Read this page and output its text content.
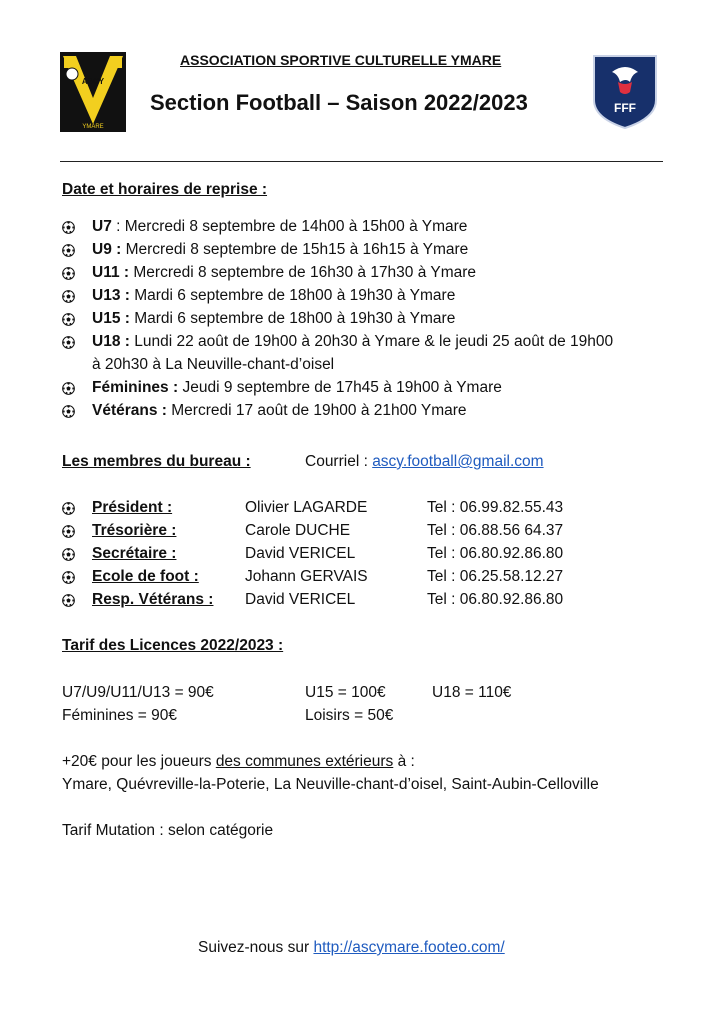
ASCY
YMARE
ASSOCIATION SPORTIVE CULTURELLE YMARE
Section Football – Saison 2022/2023	FFF
Date et horaires de reprise :
U7 : Mercredi 8 septembre de 14h00 à 15h00 à Ymare
U9 : Mercredi 8 septembre de 15h15 à 16h15 à Ymare
U11 : Mercredi 8 septembre de 16h30 à 17h30 à Ymare
U13 : Mardi 6 septembre de 18h00 à 19h30 à Ymare
U15 : Mardi 6 septembre de 18h00 à 19h30 à Ymare
U18 : Lundi 22 août de 19h00 à 20h30 à Ymare & le jeudi 25 août de 19h00
à 20h30 à La Neuville-chant-d’oisel
Féminines : Jeudi 9 septembre de 17h45 à 19h00 à Ymare
Vétérans : Mercredi 17 août de 19h00 à 21h00 Ymare
Les membres du bureau :	Courriel : ascy.football@gmail.com
Président :	Olivier LAGARDE	Tel : 06.99.82.55.43
Trésorière :	Carole DUCHE	Tel : 06.88.56 64.37
Secrétaire :	David VERICEL	Tel : 06.80.92.86.80
Ecole de foot :	Johann GERVAIS	Tel : 06.25.58.12.27
Resp. Vétérans : David VERICEL	Tel : 06.80.92.86.80
Tarif des Licences 2022/2023 :
U7/U9/U11/U13 = 90€	U15 = 100€	U18 = 110€
Féminines = 90€	Loisirs = 50€
+20€ pour les joueurs des communes extérieurs à :
Ymare, Quévreville-la-Poterie, La Neuville-chant-d’oisel, Saint-Aubin-Celloville
Tarif Mutation : selon catégorie
Suivez-nous sur http://ascymare.footeo.com/
